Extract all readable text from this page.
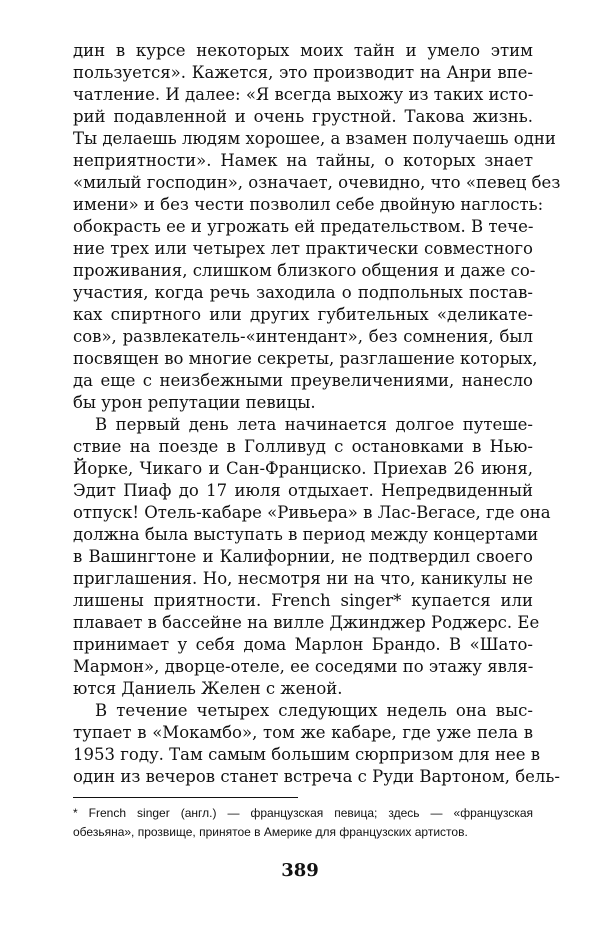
дин в курсе некоторых моих тайн и умело этим

пользуется». Кажется, это производит на Анри впе-

чатление. И далее: «Я всегда выхожу из таких исто-

рий подавленной и очень грустной. Такова жизнь.

Ты делаешь людям хорошее, а взамен получаешь одни

неприятности». Намек на тайны, о которых знает

«милый господин», означает, очевидно, что «певец без

имени» и без чести позволил себе двойную наглость:

обокрасть ее и угрожать ей предательством. В тече-

ние трех или четырех лет практически совместного

проживания, слишком близкого общения и даже со-

участия, когда речь заходила о подпольных постав-

ках спиртного или других губительных «деликате-

сов», развлекатель-«интендант», без сомнения, был

посвящен во многие секреты, разглашение которых,

да еще с неизбежными преувеличениями, нанесло

бы урон репутации певицы.

В первый день лета начинается долгое путеше-

ствие на поезде в Голливуд с остановками в Нью-

Йорке, Чикаго и Сан-Франциско. Приехав 26 июня,

Эдит Пиаф до 17 июля отдыхает. Непредвиденный

отпуск! Отель-кабаре «Ривьера» в Лас-Вегасе, где она

должна была выступать в период между концертами

в Вашингтоне и Калифорнии, не подтвердил своего

приглашения. Но, несмотря ни на что, каникулы не

лишены приятности. French singer* купается или

плавает в бассейне на вилле Джинджер Роджерс. Ее

принимает у себя дома Марлон Брандо. В «Шато-

Мармон», дворце-отеле, ее соседями по этажу явля-

ются Даниель Желен с женой.

В течение четырех следующих недель она выс-

тупает в «Мокамбо», том же кабаре, где уже пела в

1953 году. Там самым большим сюрпризом для нее в

один из вечеров станет встреча с Руди Вартоном, бель-

* French singer (англ.) — французская певица; здесь — «французская

обезьяна», прозвище, принятое в Америке для французских артистов.

389
